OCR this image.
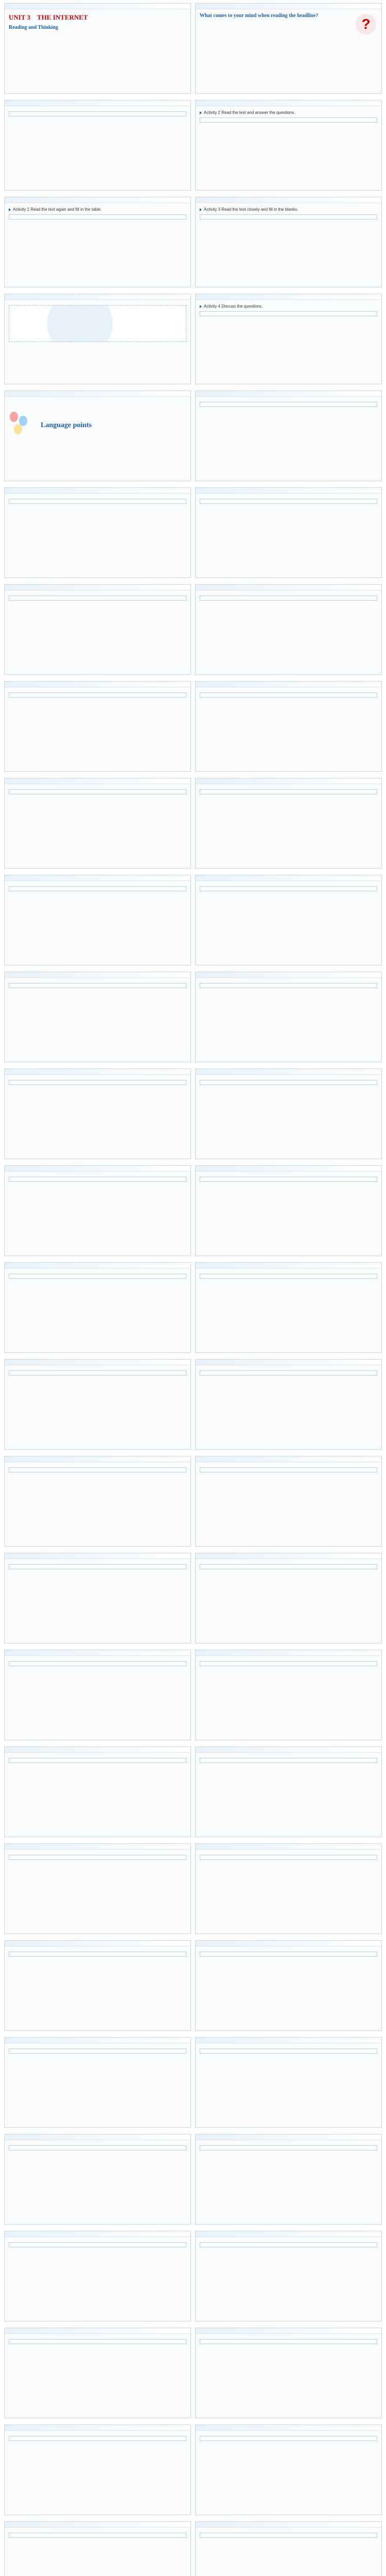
UNIT 3　THE INTERNET
Reading and Thinking
What comes to your mind when reading the headline?
?
Activity 2 Read the text and answer the questions.
Activity 1 Read the text again and fill in the table.	Activity 3 Read the text closely and fill in the blanks.
Activity 4 Discuss the questions.
Language points
